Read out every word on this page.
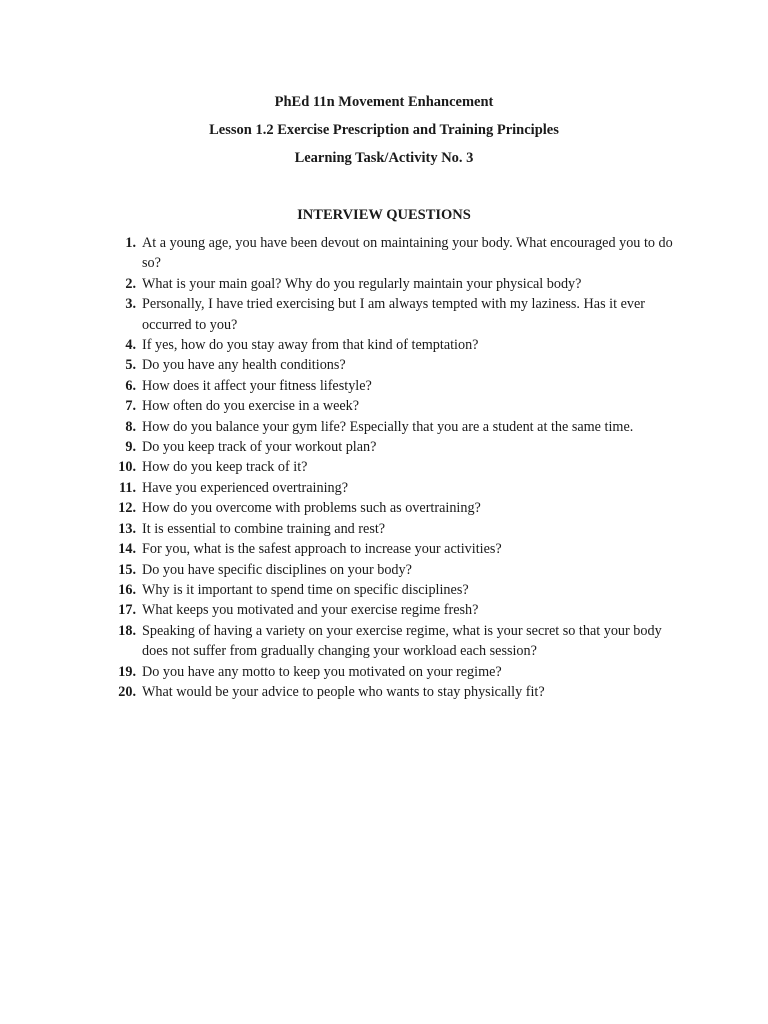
PhEd 11n Movement Enhancement

Lesson 1.2 Exercise Prescription and Training Principles

Learning Task/Activity No. 3

INTERVIEW QUESTIONS

1. At a young age, you have been devout on maintaining your body. What encouraged you to do so?
2. What is your main goal? Why do you regularly maintain your physical body?
3. Personally, I have tried exercising but I am always tempted with my laziness. Has it ever occurred to you?
4. If yes, how do you stay away from that kind of temptation?
5. Do you have any health conditions?
6. How does it affect your fitness lifestyle?
7. How often do you exercise in a week?
8. How do you balance your gym life? Especially that you are a student at the same time.
9. Do you keep track of your workout plan?
10. How do you keep track of it?
11. Have you experienced overtraining?
12. How do you overcome with problems such as overtraining?
13. It is essential to combine training and rest?
14. For you, what is the safest approach to increase your activities?
15. Do you have specific disciplines on your body?
16. Why is it important to spend time on specific disciplines?
17. What keeps you motivated and your exercise regime fresh?
18. Speaking of having a variety on your exercise regime, what is your secret so that your body does not suffer from gradually changing your workload each session?
19. Do you have any motto to keep you motivated on your regime?
20. What would be your advice to people who wants to stay physically fit?
